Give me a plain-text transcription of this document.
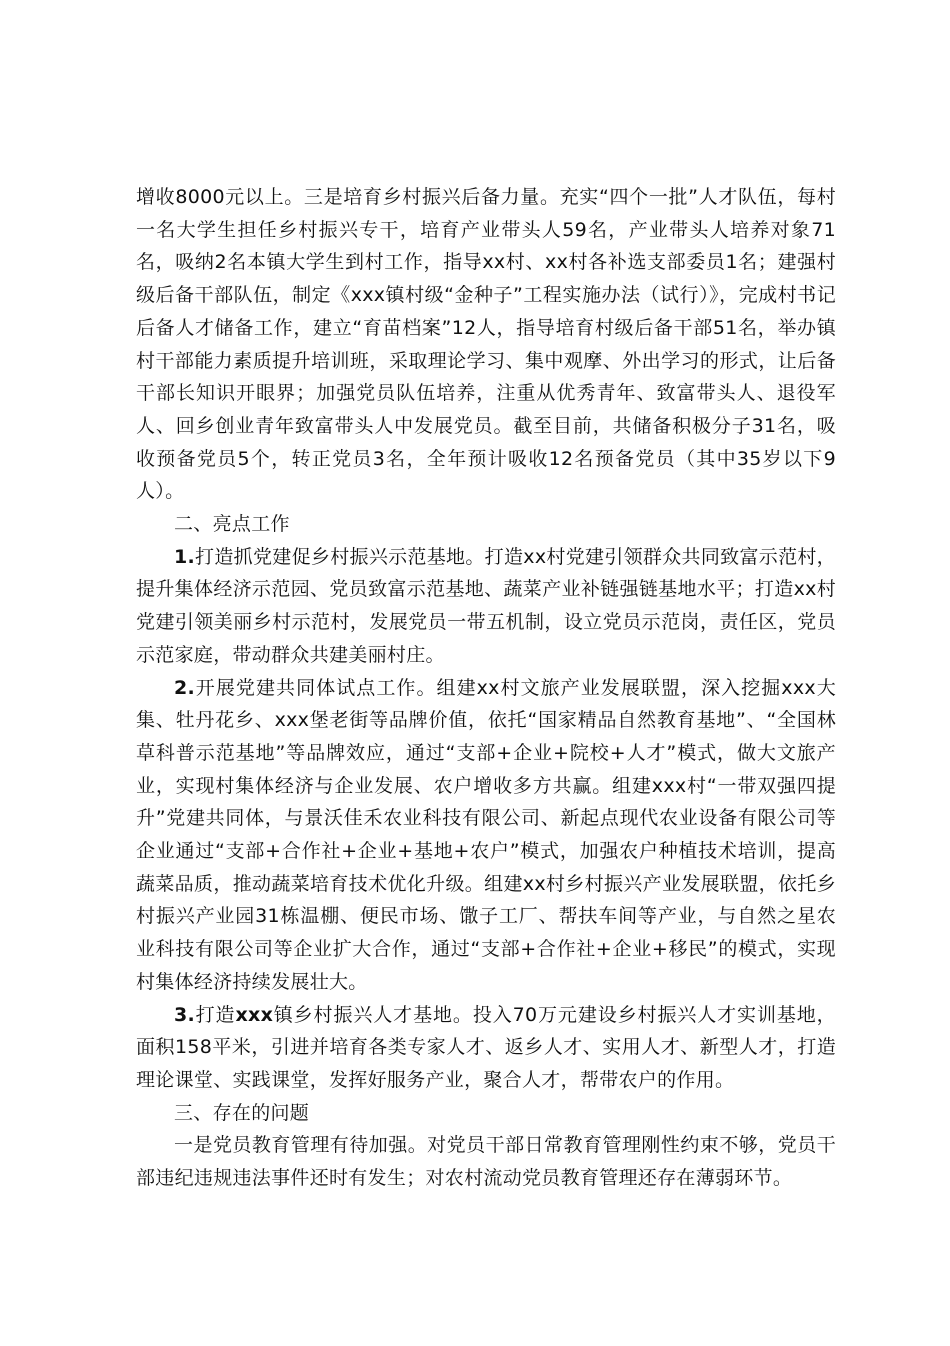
增收8000元以上。三是培育乡村振兴后备力量。充实“四个一批”人才队伍，每村一名大学生担任乡村振兴专干，培育产业带头人59名，产业带头人培养对象71名，吸纳2名本镇大学生到村工作，指导xx村、xx村各补选支部委员1名；建强村级后备干部队伍，制定《xxx镇村级“金种子”工程实施办法（试行）》，完成村书记后备人才储备工作，建立“育苗档案”12人，指导培育村级后备干部51名，举办镇村干部能力素质提升培训班，采取理论学习、集中观摩、外出学习的形式，让后备干部长知识开眼界；加强党员队伍培养，注重从优秀青年、致富带头人、退役军人、回乡创业青年致富带头人中发展党员。截至目前，共储备积极分子31名，吸收预备党员5个，转正党员3名，全年预计吸收12名预备党员（其中35岁以下9人）。

二、亮点工作

1.打造抓党建促乡村振兴示范基地。打造xx村党建引领群众共同致富示范村，提升集体经济示范园、党员致富示范基地、蔬菜产业补链强链基地水平；打造xx村党建引领美丽乡村示范村，发展党员一带五机制，设立党员示范岗，责任区，党员示范家庭，带动群众共建美丽村庄。

2.开展党建共同体试点工作。组建xx村文旅产业发展联盟，深入挖掘xxx大集、牡丹花乡、xxx堡老街等品牌价值，依托“国家精品自然教育基地”、“全国林草科普示范基地”等品牌效应，通过“支部+企业+院校+人才”模式，做大文旅产业，实现村集体经济与企业发展、农户增收多方共赢。组建xxx村“一带双强四提升”党建共同体，与景沃佳禾农业科技有限公司、新起点现代农业设备有限公司等企业通过“支部+合作社+企业+基地+农户”模式，加强农户种植技术培训，提高蔬菜品质，推动蔬菜培育技术优化升级。组建xx村乡村振兴产业发展联盟，依托乡村振兴产业园31栋温棚、便民市场、馓子工厂、帮扶车间等产业，与自然之星农业科技有限公司等企业扩大合作，通过“支部+合作社+企业+移民”的模式，实现村集体经济持续发展壮大。

3.打造xxx镇乡村振兴人才基地。投入70万元建设乡村振兴人才实训基地，面积158平米，引进并培育各类专家人才、返乡人才、实用人才、新型人才，打造理论课堂、实践课堂，发挥好服务产业，聚合人才，帮带农户的作用。

三、存在的问题

一是党员教育管理有待加强。对党员干部日常教育管理刚性约束不够，党员干部违纪违规违法事件还时有发生；对农村流动党员教育管理还存在薄弱环节。
